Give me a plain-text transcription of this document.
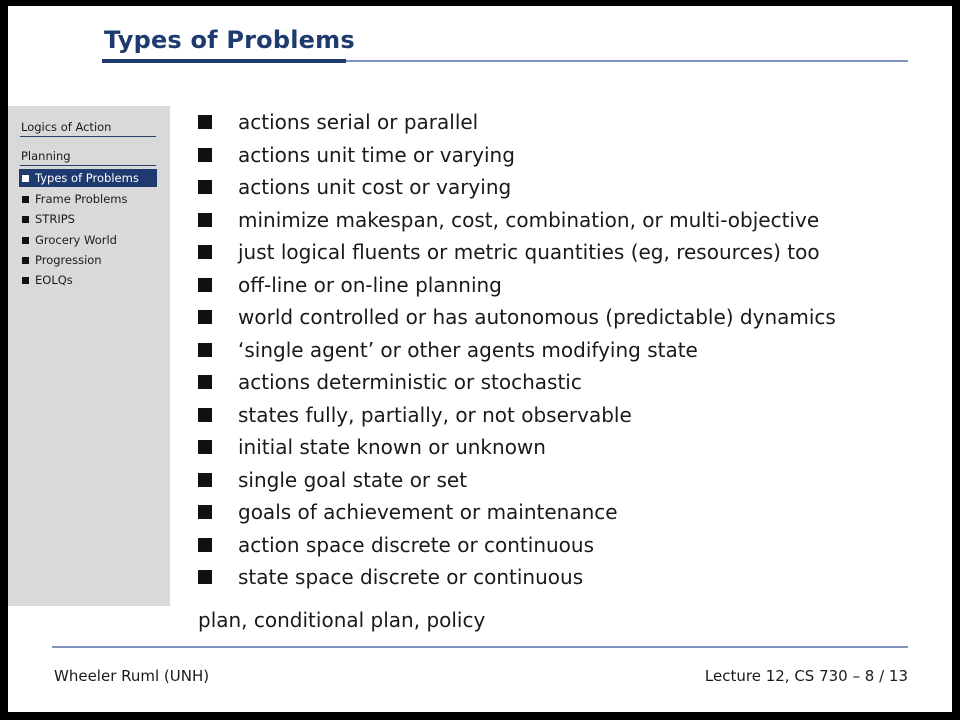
Types of Problems
Logics of Action
Planning
Types of Problems
Frame Problems
STRIPS
Grocery World
Progression
EOLQs
actions serial or parallel
actions unit time or varying
actions unit cost or varying
minimize makespan, cost, combination, or multi-objective
just logical fluents or metric quantities (eg, resources) too
off-line or on-line planning
world controlled or has autonomous (predictable) dynamics
‘single agent’ or other agents modifying state
actions deterministic or stochastic
states fully, partially, or not observable
initial state known or unknown
single goal state or set
goals of achievement or maintenance
action space discrete or continuous
state space discrete or continuous
plan, conditional plan, policy
Wheeler Ruml (UNH)	Lecture 12, CS 730 – 8 / 13
